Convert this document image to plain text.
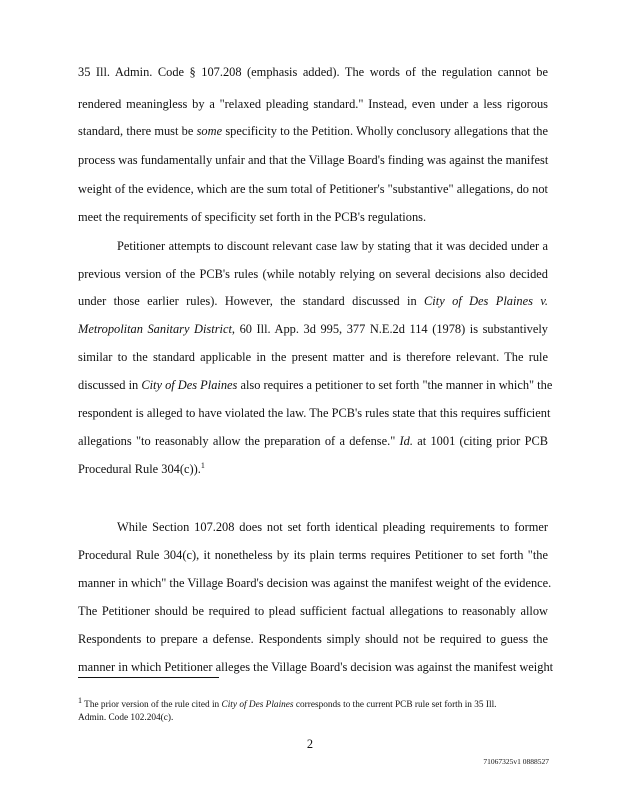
35 Ill. Admin. Code § 107.208 (emphasis added). The words of the regulation cannot be
rendered meaningless by a "relaxed pleading standard." Instead, even under a less rigorous
standard, there must be some specificity to the Petition. Wholly conclusory allegations that the
process was fundamentally unfair and that the Village Board's finding was against the manifest
weight of the evidence, which are the sum total of Petitioner's "substantive" allegations, do not
meet the requirements of specificity set forth in the PCB's regulations.
Petitioner attempts to discount relevant case law by stating that it was decided under a
previous version of the PCB's rules (while notably relying on several decisions also decided
under those earlier rules). However, the standard discussed in City of Des Plaines v.
Metropolitan Sanitary District, 60 Ill. App. 3d 995, 377 N.E.2d 114 (1978) is substantively
similar to the standard applicable in the present matter and is therefore relevant. The rule
discussed in City of Des Plaines also requires a petitioner to set forth "the manner in which" the
respondent is alleged to have violated the law. The PCB's rules state that this requires sufficient
allegations "to reasonably allow the preparation of a defense." Id. at 1001 (citing prior PCB
Procedural Rule 304(c)).$^1$
While Section 107.208 does not set forth identical pleading requirements to former
Procedural Rule 304(c), it nonetheless by its plain terms requires Petitioner to set forth "the
manner in which" the Village Board's decision was against the manifest weight of the evidence.
The Petitioner should be required to plead sufficient factual allegations to reasonably allow
Respondents to prepare a defense. Respondents simply should not be required to guess the
manner in which Petitioner alleges the Village Board's decision was against the manifest weight
$^1$ The prior version of the rule cited in City of Des Plaines corresponds to the current PCB rule set forth in 35 Ill.
Admin. Code 102.204(c).
2
71067325v1 0888527
